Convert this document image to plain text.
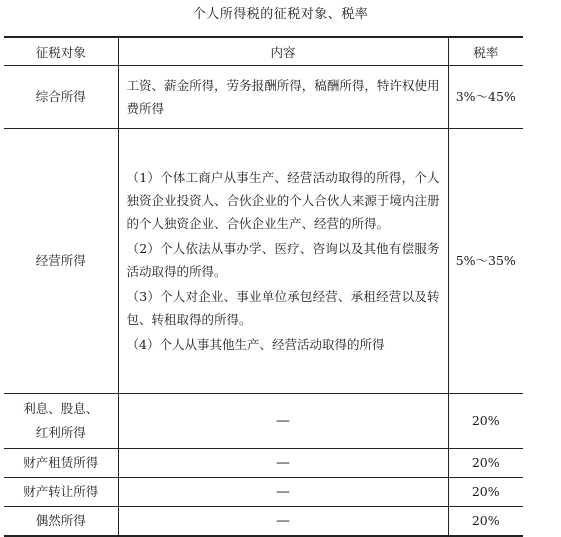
个人所得税的征税对象、税率
征税对象	内容	税率
综合所得	工资、薪金所得，劳务报酬所得，稿酬所得，特许权使用费所得	3%～45%
经营所得	（1）个体工商户从事生产、经营活动取得的所得，个人独资企业投资人、合伙企业的个人合伙人来源于境内注册的个人独资企业、合伙企业生产、经营的所得。
（2）个人依法从事办学、医疗、咨询以及其他有偿服务活动取得的所得。
（3）个人对企业、事业单位承包经营、承租经营以及转包、转租取得的所得。
（4）个人从事其他生产、经营活动取得的所得	5%～35%
利息、股息、红利所得	—	20%
财产租赁所得	—	20%
财产转让所得	—	20%
偶然所得	—	20%
